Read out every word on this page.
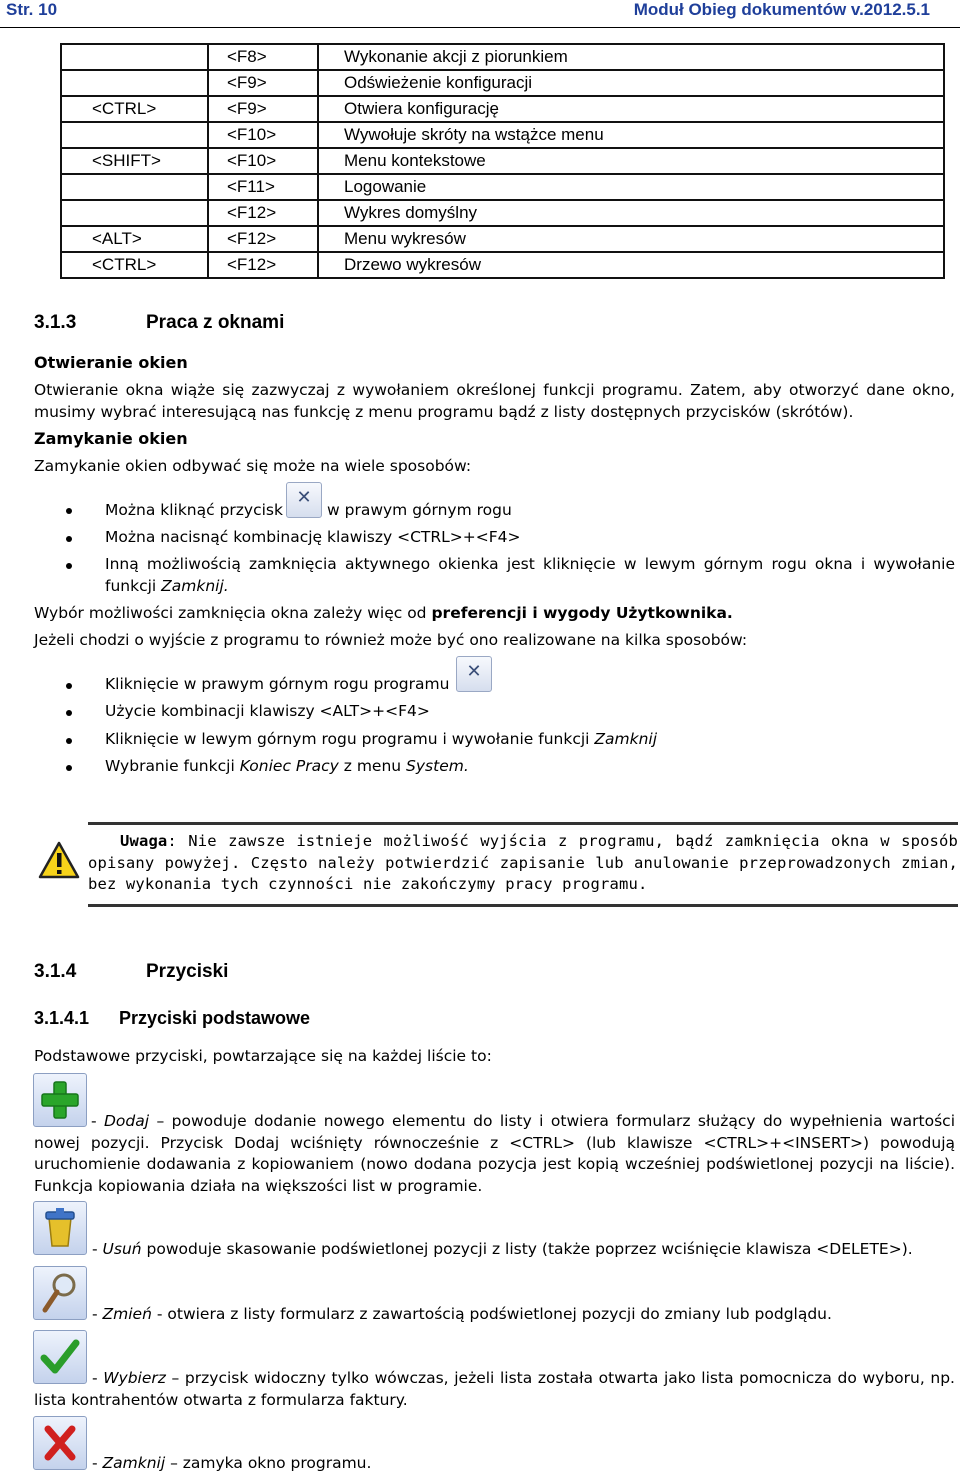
Str. 10	Moduł Obieg dokumentów v.2012.5.1
	<F8>	Wykonanie akcji z piorunkiem
	<F9>	Odświeżenie konfiguracji
<CTRL>	<F9>	Otwiera konfigurację
	<F10>	Wywołuje skróty na wstążce menu
<SHIFT>	<F10>	Menu kontekstowe
	<F11>	Logowanie
	<F12>	Wykres domyślny
<ALT>	<F12>	Menu wykresów
<CTRL>	<F12>	Drzewo wykresów
3.1.3	Praca z oknami
Otwieranie okien
Otwieranie okna wiąże się zazwyczaj z wywołaniem określonej funkcji programu. Zatem, aby otworzyć dane okno, musimy wybrać interesującą nas funkcję z menu programu bądź z listy dostępnych przycisków (skrótów).
Zamykanie okien
Zamykanie okien odbywać się może na wiele sposobów:
Można kliknąć przycisk
✕
w prawym górnym rogu
Można nacisnąć kombinację klawiszy <CTRL>+<F4>
Inną możliwością zamknięcia aktywnego okienka jest kliknięcie w lewym górnym rogu okna i wywołanie funkcji Zamknij.
Wybór możliwości zamknięcia okna zależy więc od preferencji i wygody Użytkownika.
Jeżeli chodzi o wyjście z programu to również może być ono realizowane na kilka sposobów:
Kliknięcie w prawym górnym rogu programu
✕
Użycie kombinacji klawiszy <ALT>+<F4>
Kliknięcie w lewym górnym rogu programu i wywołanie funkcji Zamknij
Wybranie funkcji Koniec Pracy z menu System.
Uwaga: Nie zawsze istnieje możliwość wyjścia z programu, bądź zamknięcia okna w sposób opisany powyżej. Często należy potwierdzić zapisanie lub anulowanie przeprowadzonych zmian, bez wykonania tych czynności nie zakończymy pracy programu.
3.1.4	Przyciski
3.1.4.1 Przyciski podstawowe
Podstawowe przyciski, powtarzające się na każdej liście to:
- Dodaj – powoduje dodanie nowego elementu do listy i otwiera formularz służący do wypełnienia wartości nowej pozycji. Przycisk Dodaj wciśnięty równocześnie z <CTRL> (lub klawisze <CTRL>+<INSERT>) powodują uruchomienie dodawania z kopiowaniem (nowo dodana pozycja jest kopią wcześniej podświetlonej pozycji na liście). Funkcja kopiowania działa na większości list w programie.
- Usuń powoduje skasowanie podświetlonej pozycji z listy (także poprzez wciśnięcie klawisza <DELETE>).
- Zmień - otwiera z listy formularz z zawartością podświetlonej pozycji do zmiany lub podglądu.
- Wybierz – przycisk widoczny tylko wówczas, jeżeli lista została otwarta jako lista pomocnicza do wyboru, np. lista kontrahentów otwarta z formularza faktury.
- Zamknij – zamyka okno programu.
